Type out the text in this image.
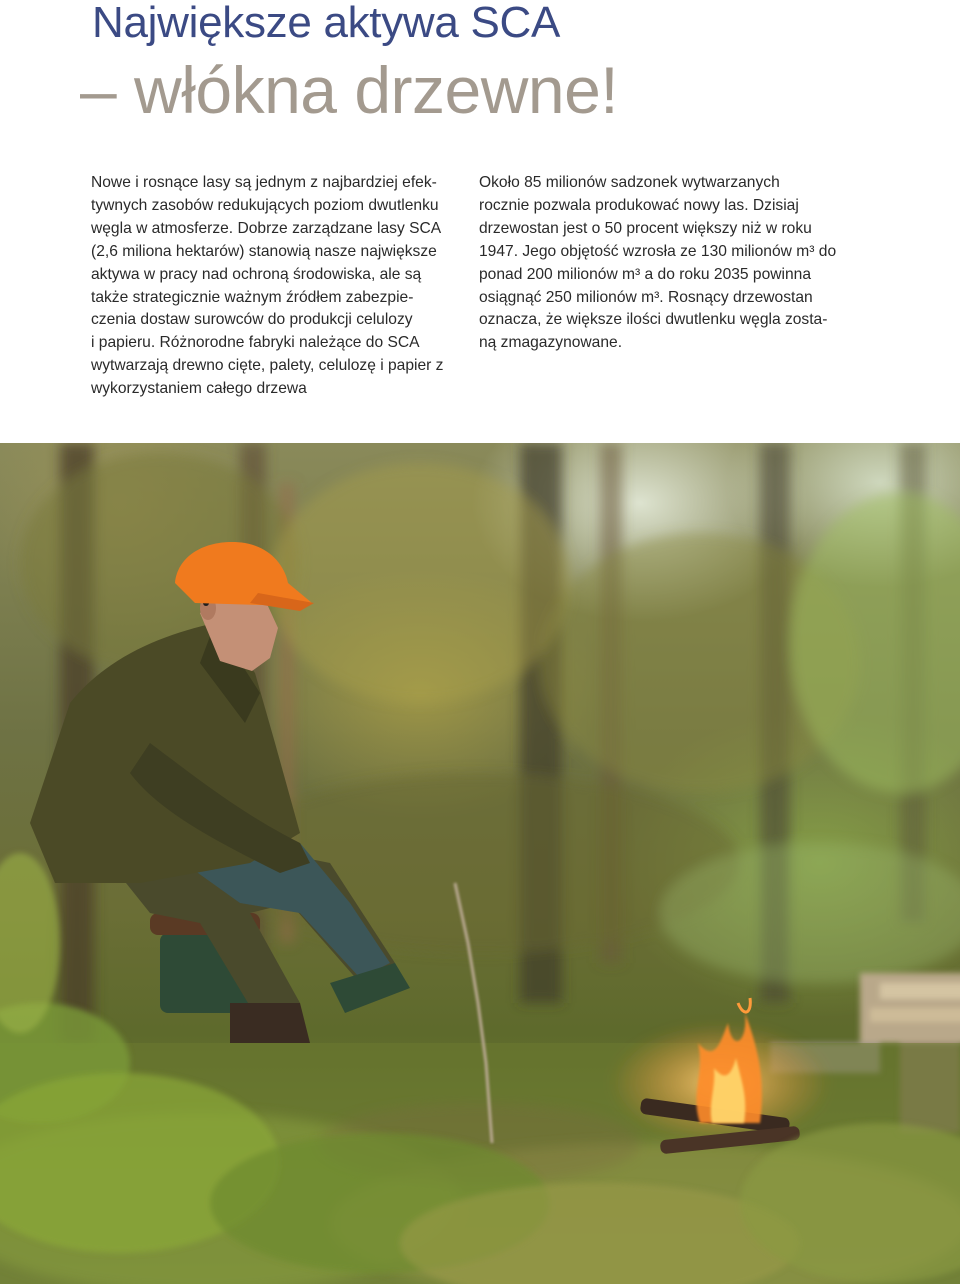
Największe aktywa SCA
– włókna drzewne!
Nowe i rosnące lasy są jednym z najbardziej efek-
tywnych zasobów redukujących poziom dwutlenku
węgla w atmosferze. Dobrze zarządzane lasy SCA
(2,6 miliona hektarów) stanowią nasze największe
aktywa w pracy nad ochroną środowiska, ale są
także strategicznie ważnym źródłem zabezpie-
czenia dostaw surowców do produkcji celulozy
i papieru. Różnorodne fabryki należące do SCA
wytwarzają drewno cięte, palety, celulozę i papier z
wykorzystaniem całego drzewa
Około 85 milionów sadzonek wytwarzanych
rocznie pozwala produkować nowy las. Dzisiaj
drzewostan jest o 50 procent większy niż w roku
1947. Jego objętość wzrosła ze 130 milionów m³ do
ponad 200 milionów m³ a do roku 2035 powinna
osiągnąć 250 milionów m³. Rosnący drzewostan
oznacza, że większe ilości dwutlenku węgla zosta-
ną zmagazynowane.
